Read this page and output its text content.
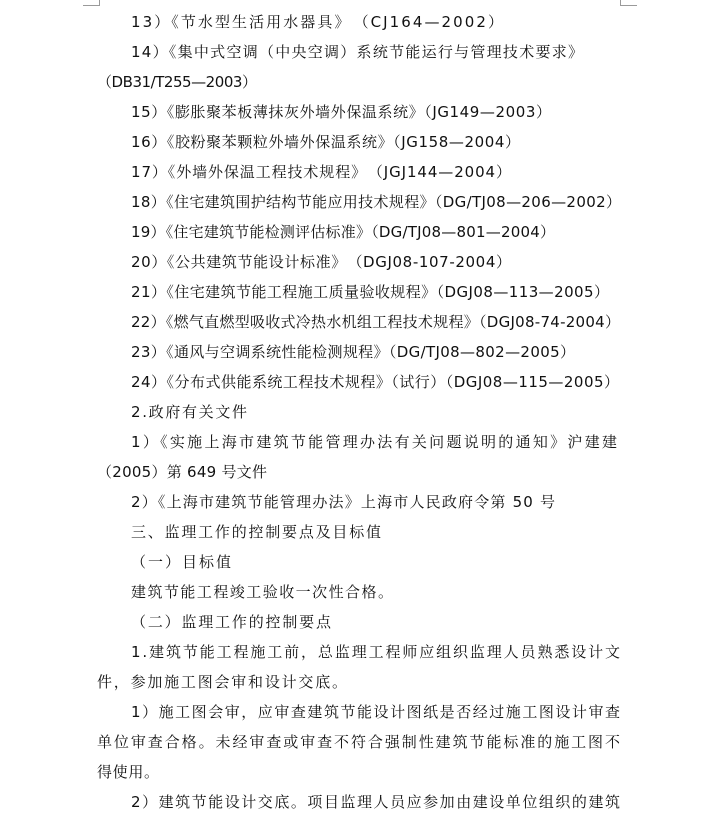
13）《节水型生活用水器具》　（CJ164—2002）
14）《集中式空调（中央空调）系统节能运行与管理技术要求》
（DB31/T255—2003）
15）《膨胀聚苯板薄抹灰外墙外保温系统》（JG149—2003）
16）《胶粉聚苯颗粒外墙外保温系统》（JG158—2004）
17）《外墙外保温工程技术规程》　（JGJ144—2004）
18）《住宅建筑围护结构节能应用技术规程》（DG/TJ08—206—2002）
19）《住宅建筑节能检测评估标准》（DG/TJ08—801—2004）
20）《公共建筑节能设计标准》　（DGJ08-107-2004）
21）《住宅建筑节能工程施工质量验收规程》（DGJ08—113—2005）
22）《燃气直燃型吸收式冷热水机组工程技术规程》（DGJ08-74-2004）
23）《通风与空调系统性能检测规程》（DG/TJ08—802—2005）
24）《分布式供能系统工程技术规程》（试行）（DGJ08—115—2005）
2.政府有关文件
1）《实施上海市建筑节能管理办法有关问题说明的通知》沪建建
（2005）第 649 号文件
2）《上海市建筑节能管理办法》上海市人民政府令第 50 号
三、监理工作的控制要点及目标值
（一）目标值
建筑节能工程竣工验收一次性合格。
（二）监理工作的控制要点
1.建筑节能工程施工前，总监理工程师应组织监理人员熟悉设计文
件，参加施工图会审和设计交底。
1）施工图会审，应审查建筑节能设计图纸是否经过施工图设计审查
单位审查合格。未经审查或审查不符合强制性建筑节能标准的施工图不
得使用。
2）建筑节能设计交底。项目监理人员应参加由建设单位组织的建筑
